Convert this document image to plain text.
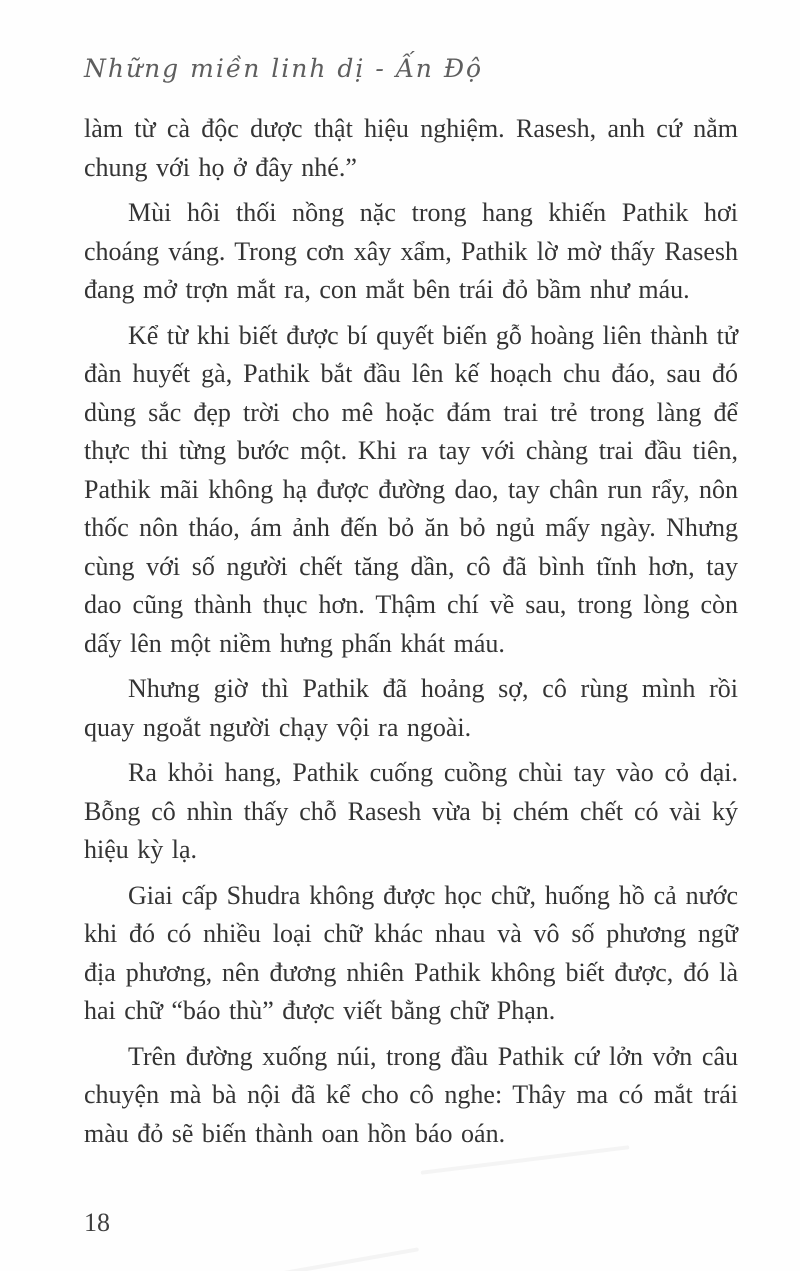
Những miền linh dị - Ấn Độ

làm từ cà độc dược thật hiệu nghiệm. Rasesh, anh cứ nằm chung với họ ở đây nhé.”

Mùi hôi thối nồng nặc trong hang khiến Pathik hơi choáng váng. Trong cơn xây xẩm, Pathik lờ mờ thấy Rasesh đang mở trợn mắt ra, con mắt bên trái đỏ bầm như máu.

Kể từ khi biết được bí quyết biến gỗ hoàng liên thành tử đàn huyết gà, Pathik bắt đầu lên kế hoạch chu đáo, sau đó dùng sắc đẹp trời cho mê hoặc đám trai trẻ trong làng để thực thi từng bước một. Khi ra tay với chàng trai đầu tiên, Pathik mãi không hạ được đường dao, tay chân run rẩy, nôn thốc nôn tháo, ám ảnh đến bỏ ăn bỏ ngủ mấy ngày. Nhưng cùng với số người chết tăng dần, cô đã bình tĩnh hơn, tay dao cũng thành thục hơn. Thậm chí về sau, trong lòng còn dấy lên một niềm hưng phấn khát máu.

Nhưng giờ thì Pathik đã hoảng sợ, cô rùng mình rồi quay ngoắt người chạy vội ra ngoài.

Ra khỏi hang, Pathik cuống cuồng chùi tay vào cỏ dại. Bỗng cô nhìn thấy chỗ Rasesh vừa bị chém chết có vài ký hiệu kỳ lạ.

Giai cấp Shudra không được học chữ, huống hồ cả nước khi đó có nhiều loại chữ khác nhau và vô số phương ngữ địa phương, nên đương nhiên Pathik không biết được, đó là hai chữ “báo thù” được viết bằng chữ Phạn.

Trên đường xuống núi, trong đầu Pathik cứ lởn vởn câu chuyện mà bà nội đã kể cho cô nghe: Thây ma có mắt trái màu đỏ sẽ biến thành oan hồn báo oán.

18
